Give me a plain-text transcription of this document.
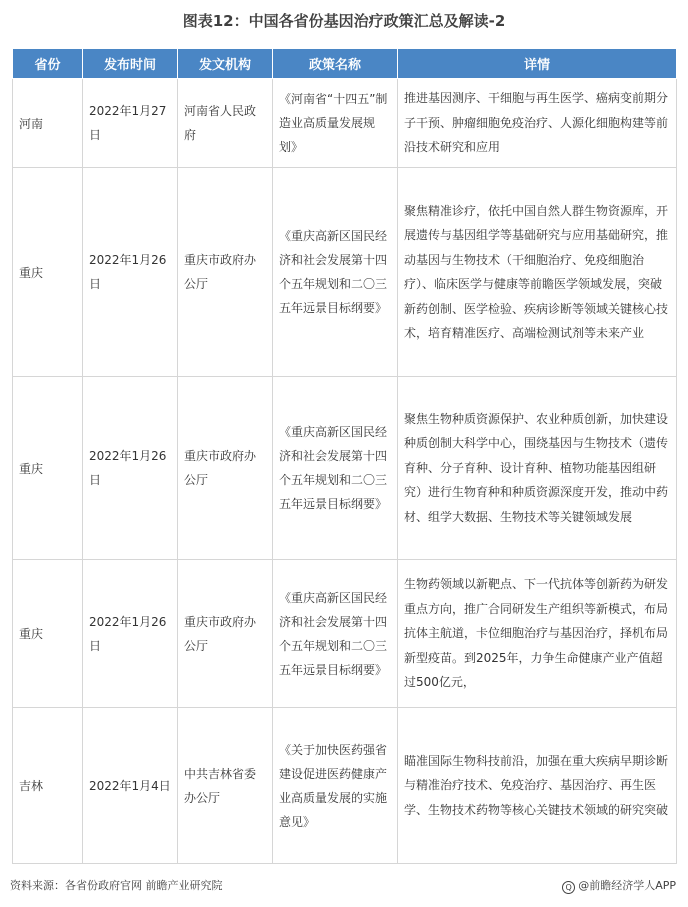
图表12：中国各省份基因治疗政策汇总及解读-2
省份	发布时间	发文机构	政策名称	详情
河南	2022年1月27日	河南省人民政府	《河南省“十四五”制造业高质量发展规划》	推进基因测序、干细胞与再生医学、癌病变前期分子干预、肿瘤细胞免疫治疗、人源化细胞构建等前沿技术研究和应用
重庆	2022年1月26日	重庆市政府办公厅	《重庆高新区国民经济和社会发展第十四个五年规划和二〇三五年远景目标纲要》	聚焦精准诊疗，依托中国自然人群生物资源库，开展遗传与基因组学等基础研究与应用基础研究，推动基因与生物技术（干细胞治疗、免疫细胞治疗）、临床医学与健康等前瞻医学领域发展，突破新药创制、医学检验、疾病诊断等领域关键核心技术，培育精准医疗、高端检测试剂等未来产业
重庆	2022年1月26日	重庆市政府办公厅	《重庆高新区国民经济和社会发展第十四个五年规划和二〇三五年远景目标纲要》	聚焦生物种质资源保护、农业种质创新，加快建设种质创制大科学中心，围绕基因与生物技术（遗传育种、分子育种、设计育种、植物功能基因组研究）进行生物育种和种质资源深度开发，推动中药材、组学大数据、生物技术等关键领域发展
重庆	2022年1月26日	重庆市政府办公厅	《重庆高新区国民经济和社会发展第十四个五年规划和二〇三五年远景目标纲要》	生物药领域以新靶点、下一代抗体等创新药为研发重点方向，推广合同研发生产组织等新模式，布局抗体主航道，卡位细胞治疗与基因治疗，择机布局新型疫苗。到2025年，力争生命健康产业产值超过500亿元，
吉林	2022年1月4日	中共吉林省委办公厅	《关于加快医药强省建设促进医药健康产业高质量发展的实施意见》	瞄准国际生物科技前沿，加强在重大疾病早期诊断与精准治疗技术、免疫治疗、基因治疗、再生医学、生物技术药物等核心关键技术领域的研究突破
资料来源：各省份政府官网 前瞻产业研究院	Q @前瞻经济学人APP
